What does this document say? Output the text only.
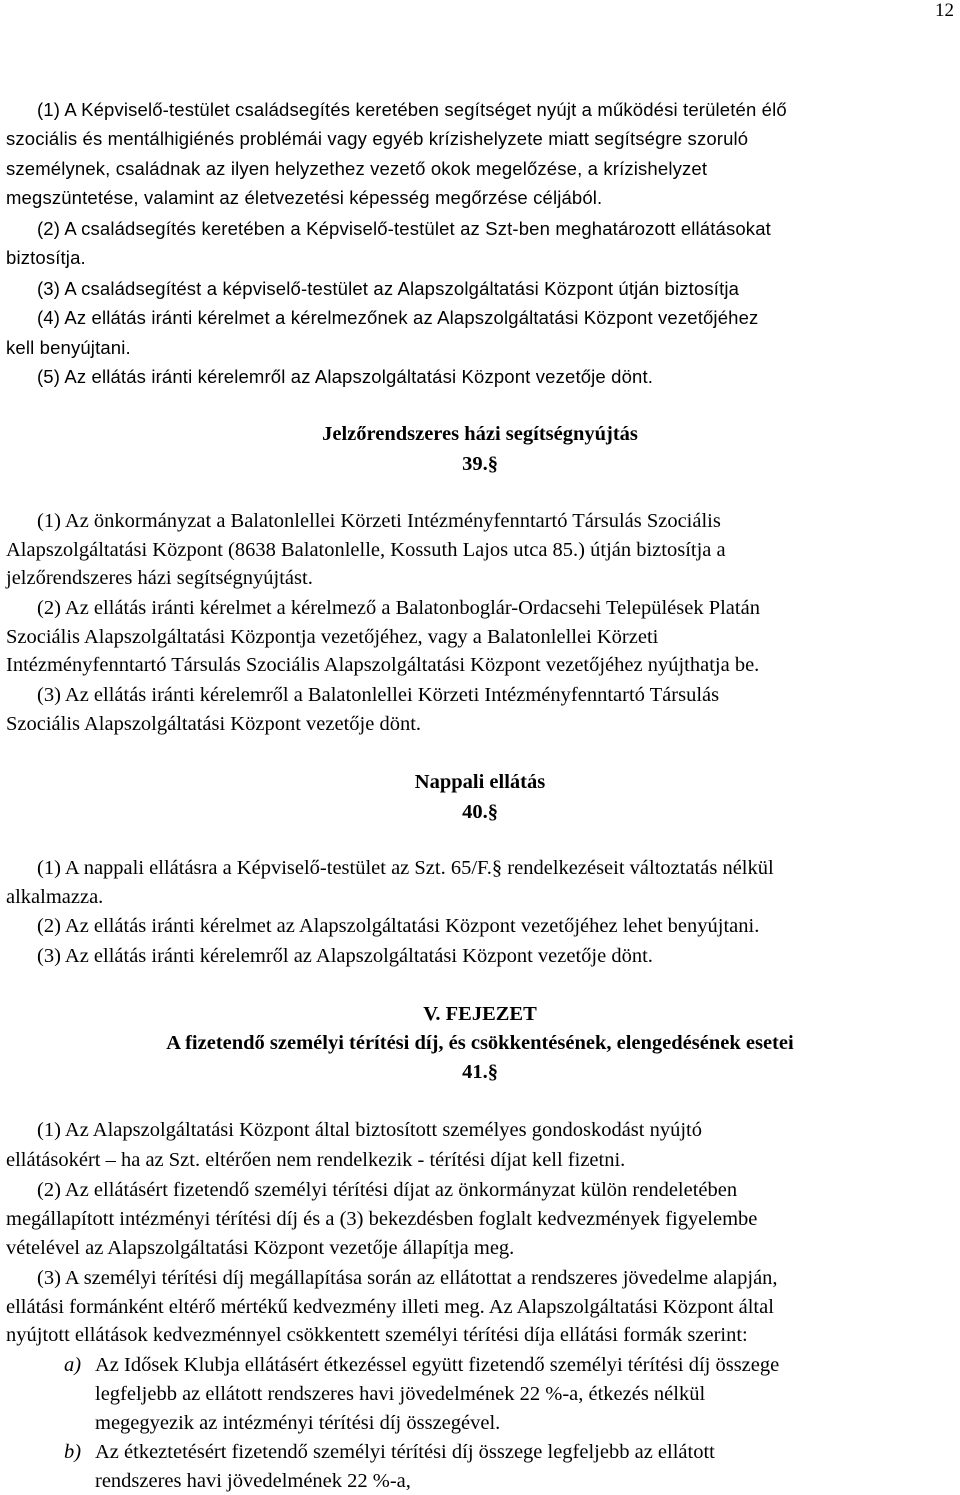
12
(1) A Képviselő-testület családsegítés keretében segítséget nyújt a működési területén élő
szociális és mentálhigiénés problémái vagy egyéb krízishelyzete miatt segítségre szoruló
személynek, családnak az ilyen helyzethez vezető okok megelőzése, a krízishelyzet
megszüntetése, valamint az életvezetési képesség megőrzése céljából.
(2) A családsegítés keretében a Képviselő-testület az Szt-ben meghatározott ellátásokat
biztosítja.
(3) A családsegítést a képviselő-testület az Alapszolgáltatási Központ útján biztosítja
(4) Az ellátás iránti kérelmet a kérelmezőnek az Alapszolgáltatási Központ vezetőjéhez
kell benyújtani.
(5) Az ellátás iránti kérelemről az Alapszolgáltatási Központ vezetője dönt.
Jelzőrendszeres házi segítségnyújtás
39.§
(1) Az önkormányzat a Balatonlellei Körzeti Intézményfenntartó Társulás Szociális
Alapszolgáltatási Központ (8638 Balatonlelle, Kossuth Lajos utca 85.) útján biztosítja a
jelzőrendszeres házi segítségnyújtást.
(2) Az ellátás iránti kérelmet a kérelmező a Balatonboglár-Ordacsehi Települések Platán
Szociális Alapszolgáltatási Központja vezetőjéhez, vagy a Balatonlellei Körzeti
Intézményfenntartó Társulás Szociális Alapszolgáltatási Központ vezetőjéhez nyújthatja be.
(3) Az ellátás iránti kérelemről a Balatonlellei Körzeti Intézményfenntartó Társulás
Szociális Alapszolgáltatási Központ vezetője dönt.
Nappali ellátás
40.§
(1) A nappali ellátásra a Képviselő-testület az Szt. 65/F.§ rendelkezéseit változtatás nélkül
alkalmazza.
(2) Az ellátás iránti kérelmet az Alapszolgáltatási Központ vezetőjéhez lehet benyújtani.
(3) Az ellátás iránti kérelemről az Alapszolgáltatási Központ vezetője dönt.
V. FEJEZET
A fizetendő személyi térítési díj, és csökkentésének, elengedésének esetei
41.§
(1) Az Alapszolgáltatási Központ által biztosított személyes gondoskodást nyújtó
ellátásokért – ha az Szt. eltérően nem rendelkezik - térítési díjat kell fizetni.
(2) Az ellátásért fizetendő személyi térítési díjat az önkormányzat külön rendeletében
megállapított intézményi térítési díj és a (3) bekezdésben foglalt kedvezmények figyelembe
vételével az Alapszolgáltatási Központ vezetője állapítja meg.
(3) A személyi térítési díj megállapítása során az ellátottat a rendszeres jövedelme alapján,
ellátási formánként eltérő mértékű kedvezmény illeti meg. Az Alapszolgáltatási Központ által
nyújtott ellátások kedvezménnyel csökkentett személyi térítési díja ellátási formák szerint:
a) Az Idősek Klubja ellátásért étkezéssel együtt fizetendő személyi térítési díj összege
legfeljebb az ellátott rendszeres havi jövedelmének 22 %-a, étkezés nélkül
megegyezik az intézményi térítési díj összegével.
b) Az étkeztetésért fizetendő személyi térítési díj összege legfeljebb az ellátott
rendszeres havi jövedelmének 22 %-a,
